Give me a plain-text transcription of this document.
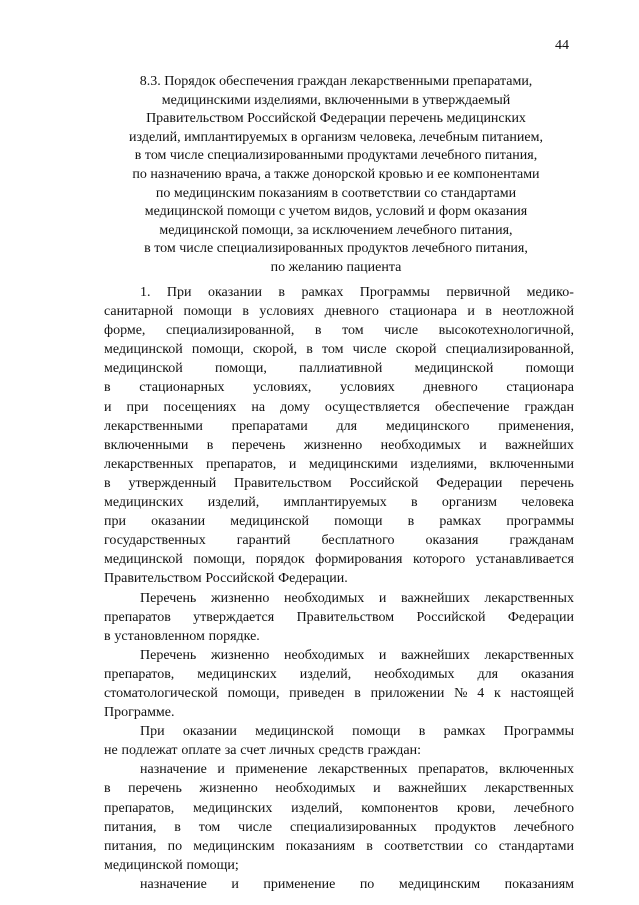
44
8.3. Порядок обеспечения граждан лекарственными препаратами,
медицинскими изделиями, включенными в утверждаемый
Правительством Российской Федерации перечень медицинских
изделий, имплантируемых в организм человека, лечебным питанием,
в том числе специализированными продуктами лечебного питания,
по назначению врача, а также донорской кровью и ее компонентами
по медицинским показаниям в соответствии со стандартами
медицинской помощи с учетом видов, условий и форм оказания
медицинской помощи, за исключением лечебного питания,
в том числе специализированных продуктов лечебного питания,
по желанию пациента
1. При оказании в рамках Программы первичной медико-
санитарной помощи в условиях дневного стационара и в неотложной
форме, специализированной, в том числе высокотехнологичной,
медицинской помощи, скорой, в том числе скорой специализированной,
медицинской помощи, паллиативной медицинской помощи
в стационарных условиях, условиях дневного стационара
и при посещениях на дому осуществляется обеспечение граждан
лекарственными препаратами для медицинского применения,
включенными в перечень жизненно необходимых и важнейших
лекарственных препаратов, и медицинскими изделиями, включенными
в утвержденный Правительством Российской Федерации перечень
медицинских изделий, имплантируемых в организм человека
при оказании медицинской помощи в рамках программы
государственных гарантий бесплатного оказания гражданам
медицинской помощи, порядок формирования которого устанавливается
Правительством Российской Федерации.
Перечень жизненно необходимых и важнейших лекарственных
препаратов утверждается Правительством Российской Федерации
в установленном порядке.
Перечень жизненно необходимых и важнейших лекарственных
препаратов, медицинских изделий, необходимых для оказания
стоматологической помощи, приведен в приложении № 4 к настоящей
Программе.
При оказании медицинской помощи в рамках Программы
не подлежат оплате за счет личных средств граждан:
назначение и применение лекарственных препаратов, включенных
в перечень жизненно необходимых и важнейших лекарственных
препаратов, медицинских изделий, компонентов крови, лечебного
питания, в том числе специализированных продуктов лечебного
питания, по медицинским показаниям в соответствии со стандартами
медицинской помощи;
назначение и применение по медицинским показаниям
